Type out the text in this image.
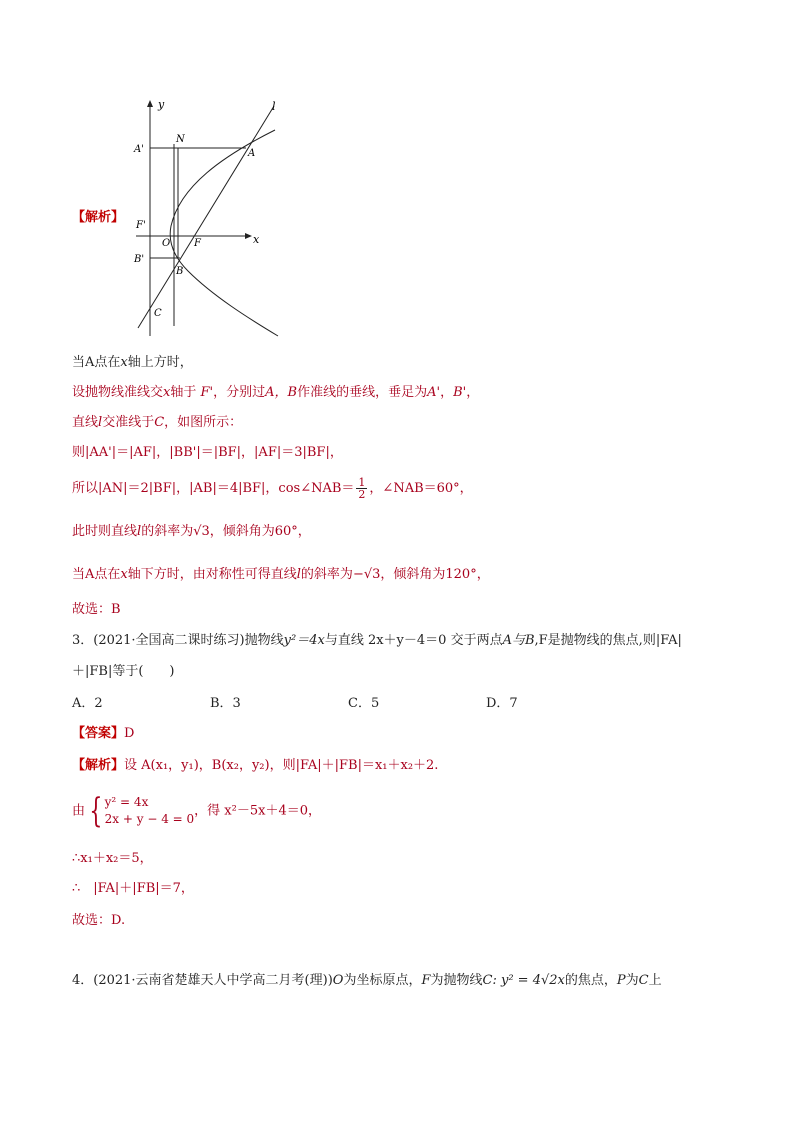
【解析】
y
x
l
N
A'	A
F'
O F
B'
B
C
当A点在x轴上方时，
设抛物线准线交x轴于 F'，分别过A，B作准线的垂线，垂足为A'，B'，
直线l交准线于C，如图所示：
则|AA'|＝|AF|，|BB'|＝|BF|，|AF|＝3|BF|，
所以|AN|＝2|BF|，|AB|＝4|BF|，cos∠NAB＝ $\frac{1}{2}$ ，∠NAB＝60°，
此时则直线l的斜率为√3，倾斜角为60°，
当A点在x轴下方时，由对称性可得直线l的斜率为−√3，倾斜角为120°，
故选：B
3．(2021·全国高二课时练习)抛物线y²＝4x与直线 2x＋y－4＝0 交于两点A与B,F是抛物线的焦点,则|FA|
＋|FB|等于(　　)
A．2	B．3	C．5	D．7
【答案】D
【解析】设 A(x₁，y₁)，B(x₂，y₂)，则|FA|＋|FB|＝x₁＋x₂＋2.
由 { y² = 4x
2x + y − 4 = 0
，得 x²－5x＋4＝0，
∴x₁＋x₂＝5，
∴　|FA|＋|FB|＝7，
故选：D.
4．(2021·云南省楚雄天人中学高二月考(理))O为坐标原点，F为抛物线C: y² = 4√2x的焦点，P为C上
